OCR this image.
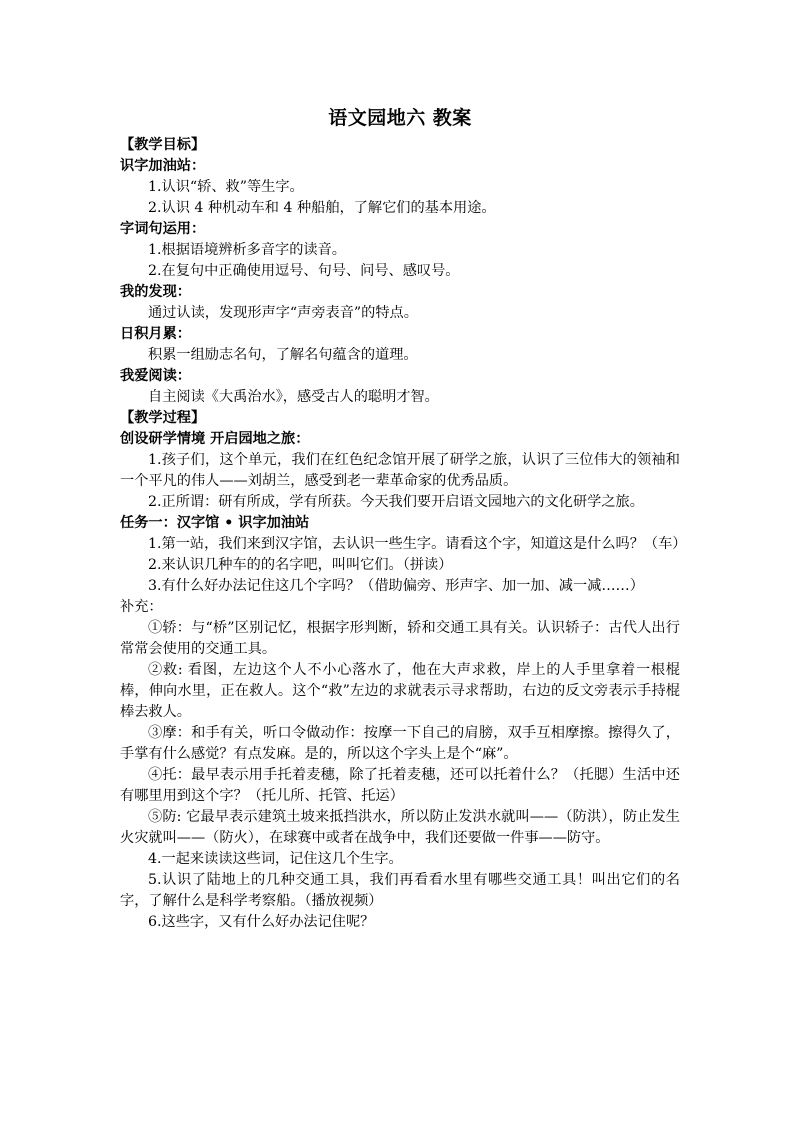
语文园地六 教案

【教学目标】

识字加油站：

1.认识“轿、救”等生字。

2.认识 4 种机动车和 4 种船舶，了解它们的基本用途。

字词句运用：

1.根据语境辨析多音字的读音。

2.在复句中正确使用逗号、句号、问号、感叹号。

我的发现：

通过认读，发现形声字“声旁表音”的特点。

日积月累：

积累一组励志名句，了解名句蕴含的道理。

我爱阅读：

自主阅读《大禹治水》，感受古人的聪明才智。

【教学过程】

创设研学情境 开启园地之旅：

1.孩子们，这个单元，我们在红色纪念馆开展了研学之旅，认识了三位伟大的领袖和一个平凡的伟人——刘胡兰，感受到老一辈革命家的优秀品质。

2.正所谓：研有所成，学有所获。今天我们要开启语文园地六的文化研学之旅。

任务一：汉字馆 • 识字加油站

1.第一站，我们来到汉字馆，去认识一些生字。请看这个字，知道这是什么吗？（车）

2.来认识几种车的的名字吧，叫叫它们。（拼读）

3.有什么好办法记住这几个字吗？（借助偏旁、形声字、加一加、减一减……）

补充：

①轿：与“桥”区别记忆，根据字形判断，轿和交通工具有关。认识轿子：古代人出行常常会使用的交通工具。

②救: 看图，左边这个人不小心落水了，他在大声求救，岸上的人手里拿着一根棍棒，伸向水里，正在救人。这个“救”左边的求就表示寻求帮助，右边的反文旁表示手持棍棒去救人。

③摩：和手有关，听口令做动作：按摩一下自己的肩膀，双手互相摩擦。擦得久了，手掌有什么感觉？有点发麻。是的，所以这个字头上是个“麻”。

④托：最早表示用手托着麦穗，除了托着麦穗，还可以托着什么？（托腮）生活中还有哪里用到这个字？（托儿所、托管、托运）

⑤防: 它最早表示建筑土坡来抵挡洪水，所以防止发洪水就叫——（防洪），防止发生火灾就叫——（防火），在球赛中或者在战争中，我们还要做一件事——防守。

4.一起来读读这些词，记住这几个生字。

5.认识了陆地上的几种交通工具，我们再看看水里有哪些交通工具！叫出它们的名字，了解什么是科学考察船。（播放视频）

6.这些字，又有什么好办法记住呢？
